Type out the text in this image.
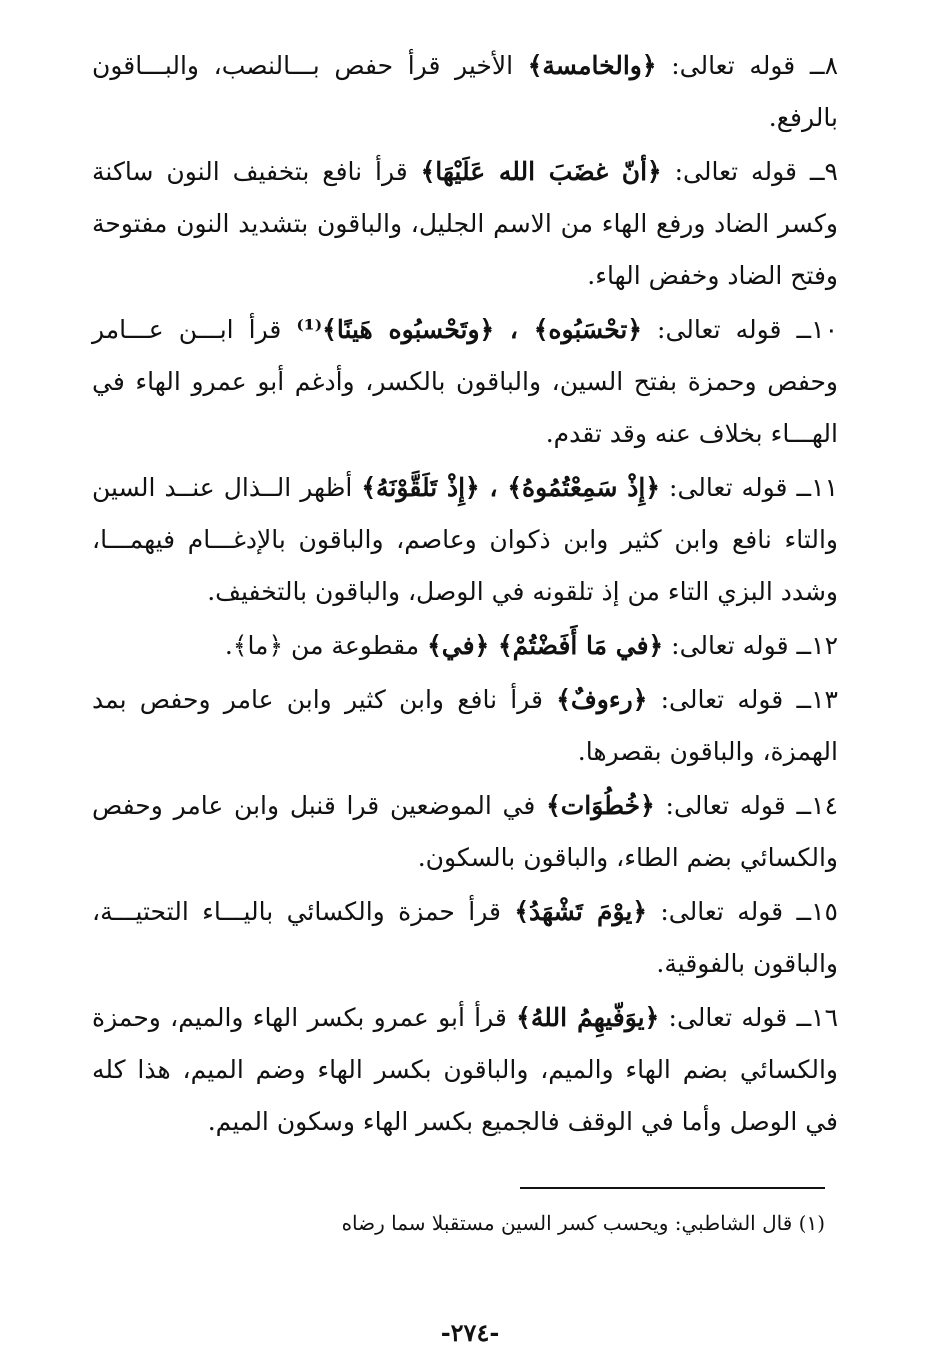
٨ــ قوله تعالى: ﴿والخامسة﴾ الأخير قرأ حفص بـــالنصب، والبـــاقون بالرفع.

٩ــ قوله تعالى: ﴿أنّ غضَبَ الله عَلَيْهَا﴾ قرأ نافع بتخفيف النون ساكنة وكسر الضاد ورفع الهاء من الاسم الجليل، والباقون بتشديد النون مفتوحة وفتح الضاد وخفض الهاء.

١٠ــ قوله تعالى: ﴿تحْسَبُوه﴾ ، ﴿وتَحْسبُوه هَينًا﴾⁽¹⁾ قرأ ابـــن عـــامر وحفص وحمزة بفتح السين، والباقون بالكسر، وأدغم أبو عمرو الهاء في الهـــاء بخلاف عنه وقد تقدم.

١١ــ قوله تعالى: ﴿إِذْ سَمِعْتُمُوهُ﴾ ، ﴿إِذْ تَلَقَّوْنَهُ﴾ أظهر الــذال عنــد السين والتاء نافع وابن كثير وابن ذكوان وعاصم، والباقون بالإدغـــام فيهمـــا، وشدد البزي التاء من إذ تلقونه في الوصل، والباقون بالتخفيف.

١٢ــ قوله تعالى: ﴿في مَا أَفَضْتُمْ﴾ ﴿في﴾ مقطوعة من ﴿ما﴾.

١٣ــ قوله تعالى: ﴿رءوفٌ﴾ قرأ نافع وابن كثير وابن عامر وحفص بمد الهمزة، والباقون بقصرها.

١٤ــ قوله تعالى: ﴿خُطُوَات﴾ في الموضعين قرا قنبل وابن عامر وحفص والكسائي بضم الطاء، والباقون بالسكون.

١٥ــ قوله تعالى: ﴿يوْمَ تَشْهَدُ﴾ قرأ حمزة والكسائي باليـــاء التحتيـــة، والباقون بالفوقية.

١٦ــ قوله تعالى: ﴿يوَفّيهِمُ اللهُ﴾ قرأ أبو عمرو بكسر الهاء والميم، وحمزة والكسائي بضم الهاء والميم، والباقون بكسر الهاء وضم الميم، هذا كله في الوصل وأما في الوقف فالجميع بكسر الهاء وسكون الميم.

(١) قال الشاطبي: ويحسب كسر السين مستقبلا سما رضاه
-٢٧٤-
